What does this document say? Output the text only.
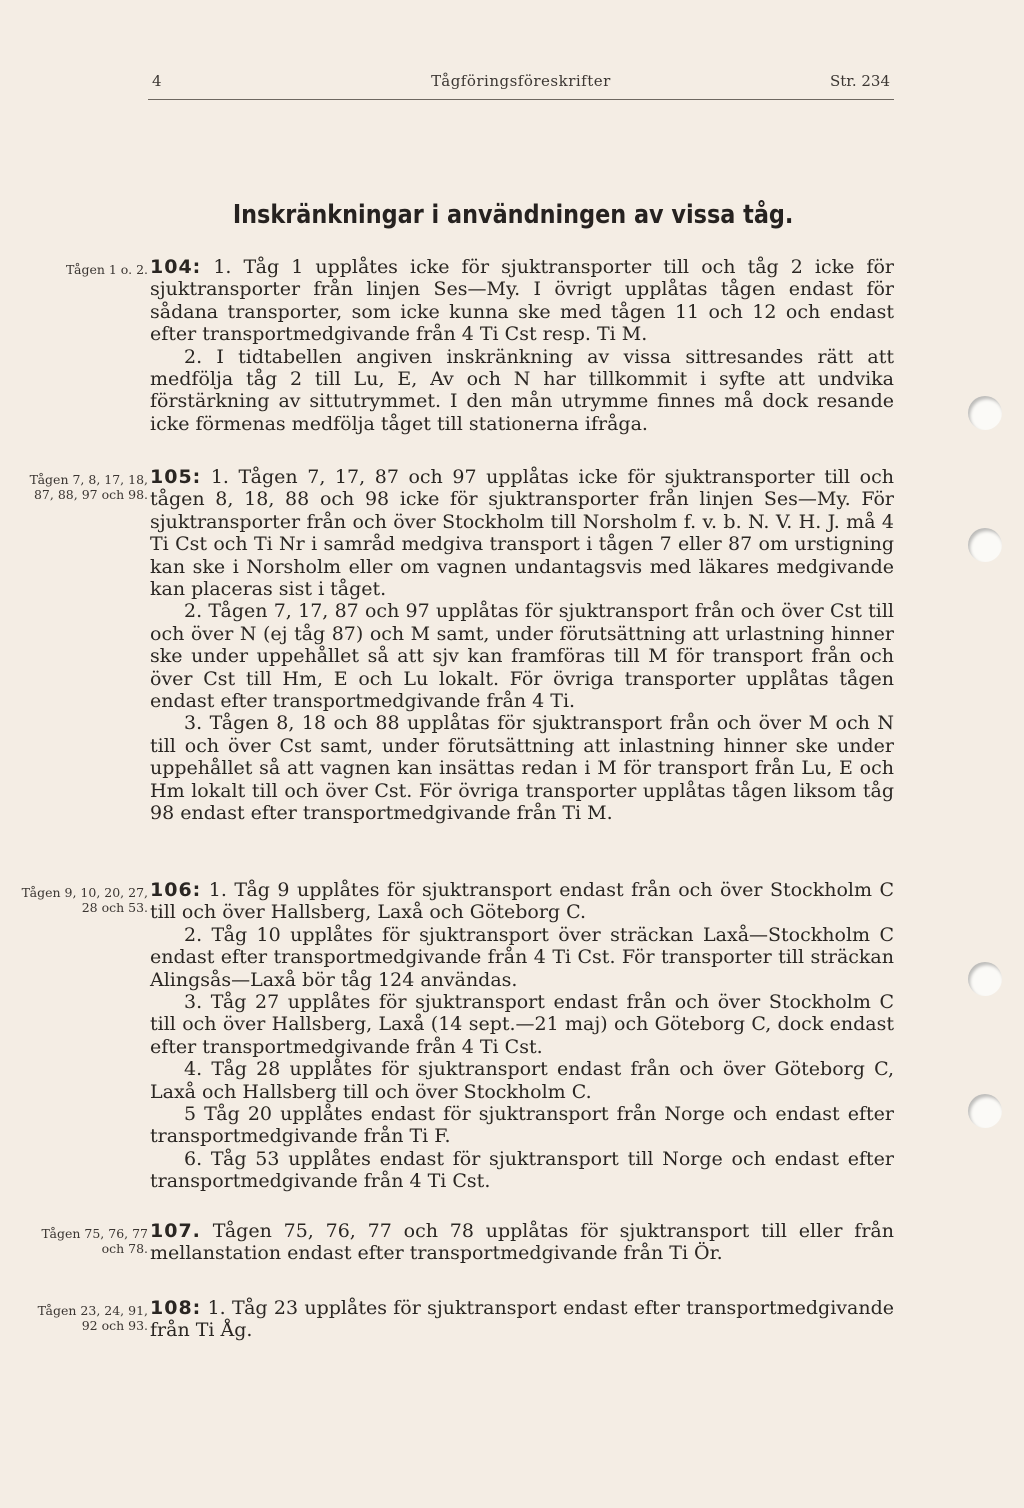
4	Tågföringsföreskrifter	Str. 234
Inskränkningar i användningen av vissa tåg.
Tågen 1 o. 2. 104: 1. Tåg 1 upplåtes icke för sjuktransporter till och tåg 2 icke för sjuktransporter från linjen Ses—My. I övrigt upplåtas tågen endast för sådana transporter, som icke kunna ske med tågen 11 och 12 och endast efter transportmedgivande från 4 Ti Cst resp. Ti M.

2. I tidtabellen angiven inskränkning av vissa sittresandes rätt att medfölja tåg 2 till Lu, E, Av och N har tillkommit i syfte att undvika förstärkning av sittutrymmet. I den mån utrymme finnes må dock resande icke förmenas medfölja tåget till stationerna ifråga.

Tågen 7, 8, 17, 18, 87, 88, 97 och 98.

105: 1. Tågen 7, 17, 87 och 97 upplåtas icke för sjuktransporter till och tågen 8, 18, 88 och 98 icke för sjuktransporter från linjen Ses—My. För sjuktransporter från och över Stockholm till Norsholm f. v. b. N. V. H. J. må 4 Ti Cst och Ti Nr i samråd medgiva transport i tågen 7 eller 87 om urstigning kan ske i Norsholm eller om vagnen undantagsvis med läkares medgivande kan placeras sist i tåget.

2. Tågen 7, 17, 87 och 97 upplåtas för sjuktransport från och över Cst till och över N (ej tåg 87) och M samt, under förutsättning att urlastning hinner ske under uppehållet så att sjv kan framföras till M för transport från och över Cst till Hm, E och Lu lokalt. För övriga transporter upplåtas tågen endast efter transportmedgivande från 4 Ti.

3. Tågen 8, 18 och 88 upplåtas för sjuktransport från och över M och N till och över Cst samt, under förutsättning att inlastning hinner ske under uppehållet så att vagnen kan insättas redan i M för transport från Lu, E och Hm lokalt till och över Cst. För övriga transporter upplåtas tågen liksom tåg 98 endast efter transportmedgivande från Ti M.

Tågen 9, 10, 20, 27, 28 och 53.

106: 1. Tåg 9 upplåtes för sjuktransport endast från och över Stockholm C till och över Hallsberg, Laxå och Göteborg C.

2. Tåg 10 upplåtes för sjuktransport över sträckan Laxå—Stockholm C endast efter transportmedgivande från 4 Ti Cst. För transporter till sträckan Alingsås—Laxå bör tåg 124 användas.

3. Tåg 27 upplåtes för sjuktransport endast från och över Stockholm C till och över Hallsberg, Laxå (14 sept.—21 maj) och Göteborg C, dock endast efter transportmedgivande från 4 Ti Cst.

4. Tåg 28 upplåtes för sjuktransport endast från och över Göteborg C, Laxå och Hallsberg till och över Stockholm C.

5 Tåg 20 upplåtes endast för sjuktransport från Norge och endast efter transportmedgivande från Ti F.

6. Tåg 53 upplåtes endast för sjuktransport till Norge och endast efter transportmedgivande från 4 Ti Cst.

Tågen 75, 76, 77 och 78.

107. Tågen 75, 76, 77 och 78 upplåtas för sjuktransport till eller från mellanstation endast efter transportmedgivande från Ti Ör.

Tågen 23, 24, 91, 92 och 93.

108: 1. Tåg 23 upplåtes för sjuktransport endast efter transportmedgivande från Ti Åg.
